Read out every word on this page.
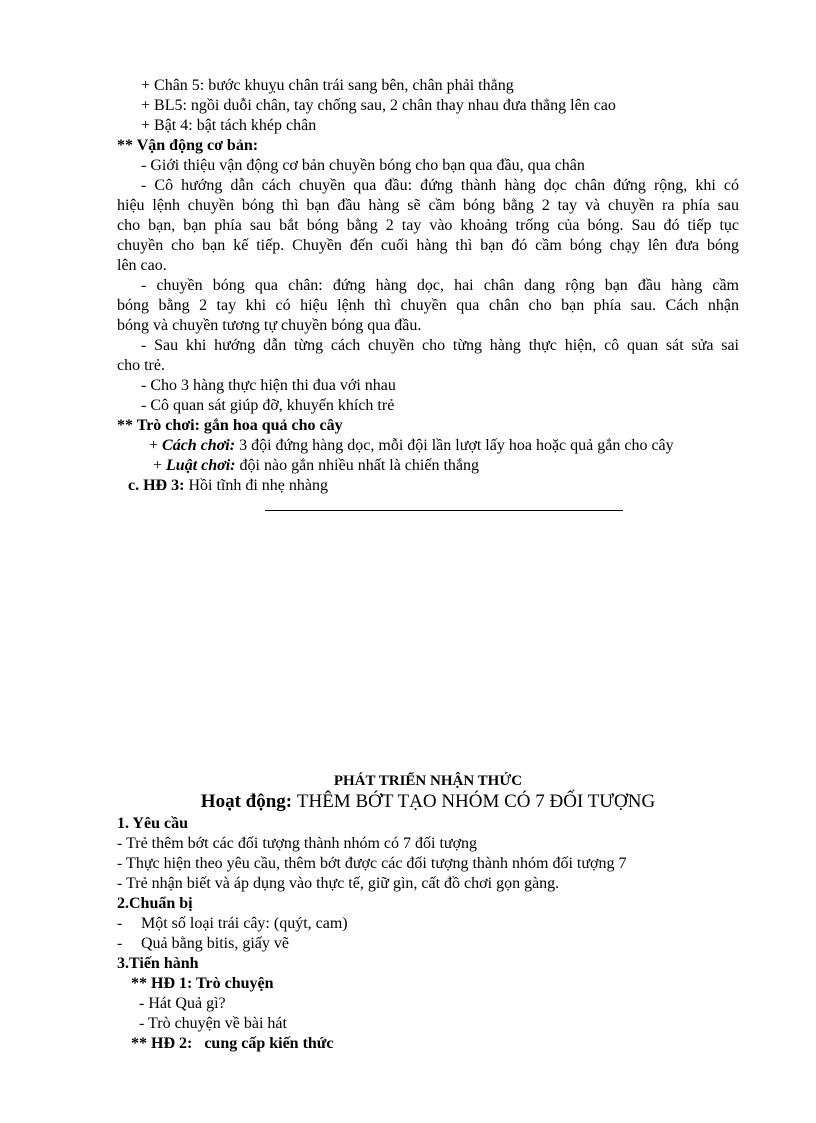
+ Chân 5: bước khuỵu chân trái sang bên, chân phải thẳng
+ BL5: ngồi duỗi chân, tay chống sau, 2 chân thay nhau đưa thẳng lên cao
+ Bật 4: bật tách khép chân
** Vận động cơ bản:
- Giới thiệu vận động cơ bản chuyền bóng cho bạn qua đầu, qua chân
- Cô hướng dẫn cách chuyền qua đầu: đứng thành hàng dọc chân đứng rộng, khi có
hiệu lệnh chuyền bóng thì bạn đầu hàng sẽ cầm bóng bằng 2 tay và chuyền ra phía sau
cho bạn, bạn phía sau bắt bóng bằng 2 tay vào khoảng trống của bóng. Sau đó tiếp tục
chuyền cho bạn kế tiếp. Chuyền đến cuối hàng thì bạn đó cầm bóng chạy lên đưa bóng
lên cao.
- chuyền bóng qua chân: đứng hàng dọc, hai chân dang rộng bạn đầu hàng cầm
bóng bằng 2 tay khi có hiệu lệnh thì chuyền qua chân cho bạn phía sau. Cách nhận
bóng và chuyền tương tự chuyền bóng qua đầu.
- Sau khi hướng dẫn từng cách chuyền cho từng hàng thực hiện, cô quan sát sửa sai
cho trẻ.
- Cho 3 hàng thực hiện thi đua với nhau
- Cô quan sát giúp đỡ, khuyến khích trẻ
** Trò chơi: gắn hoa quả cho cây
+ Cách chơi: 3 đội đứng hàng dọc, mỗi đội lần lượt lấy hoa hoặc quả gắn cho cây
+ Luật chơi: đội nào gắn nhiều nhất là chiến thắng
c. HĐ 3: Hồi tĩnh đi nhẹ nhàng
PHÁT TRIỂN NHẬN THỨC
Hoạt động: THÊM BỚT TẠO NHÓM CÓ 7 ĐỐI TƯỢNG
1. Yêu cầu
- Trẻ thêm bớt các đối tượng thành nhóm có 7 đối tượng
- Thực hiện theo yêu cầu, thêm bớt được các đối tượng thành nhóm đối tượng 7
- Trẻ nhận biết và áp dụng vào thực tế, giữ gìn, cất đồ chơi gọn gàng.
2.Chuẩn bị
- Một số loại trái cây: (quýt, cam)
- Quả bằng bitis, giấy vẽ
3.Tiến hành
** HĐ 1: Trò chuyện
- Hát Quả gì?
- Trò chuyện về bài hát
** HĐ 2:   cung cấp kiến thức
